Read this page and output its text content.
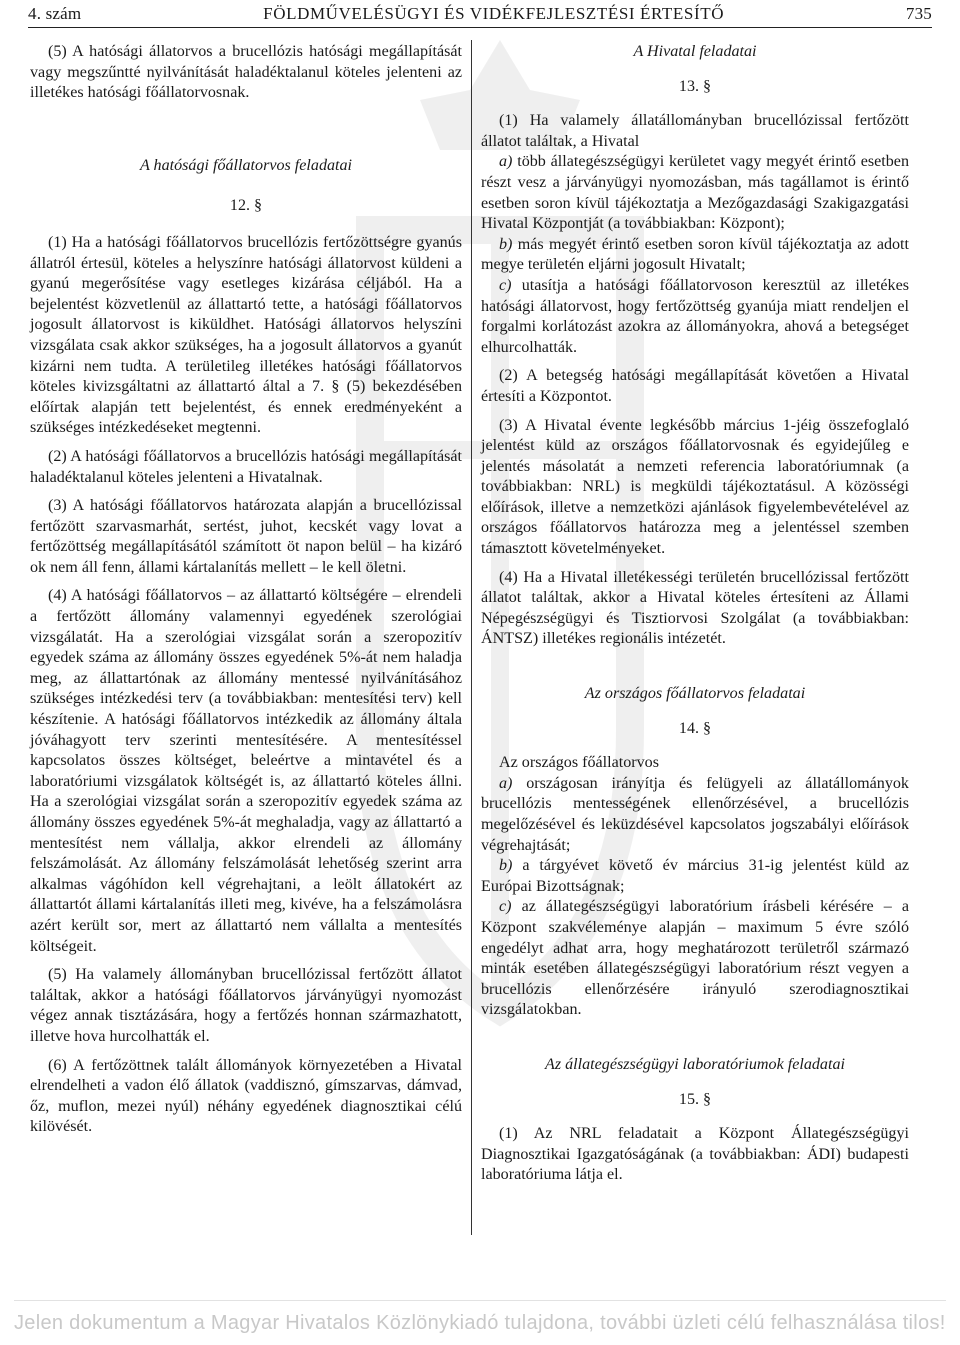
4. szám	FÖLDMŰVELÉSÜGYI ÉS VIDÉKFEJLESZTÉSI ÉRTESÍTŐ	735

(5) A hatósági állatorvos a brucellózis hatósági megállapítását vagy megszűntté nyilvánítását haladéktalanul köteles jelenteni az illetékes hatósági főállatorvosnak.

A hatósági főállatorvos feladatai

12. §

(1) Ha a hatósági főállatorvos brucellózis fertőzöttségre gyanús állatról értesül, köteles a helyszínre hatósági állatorvost küldeni a gyanú megerősítése vagy esetleges kizárása céljából. Ha a bejelentést közvetlenül az állattartó tette, a hatósági főállatorvos jogosult állatorvost is kiküldhet. Hatósági állatorvos helyszíni vizsgálata csak akkor szükséges, ha a jogosult állatorvos a gyanút kizárni nem tudta. A területileg illetékes hatósági főállatorvos köteles kivizsgáltatni az állattartó által a 7. § (5) bekezdésében előírtak alapján tett bejelentést, és ennek eredményeként a szükséges intézkedéseket megtenni.

(2) A hatósági főállatorvos a brucellózis hatósági megállapítását haladéktalanul köteles jelenteni a Hivatalnak.

(3) A hatósági főállatorvos határozata alapján a brucellózissal fertőzött szarvasmarhát, sertést, juhot, kecskét vagy lovat a fertőzöttség megállapításától számított öt napon belül – ha kizáró ok nem áll fenn, állami kártalanítás mellett – le kell öletni.

(4) A hatósági főállatorvos – az állattartó költségére – elrendeli a fertőzött állomány valamennyi egyedének szerológiai vizsgálatát. Ha a szerológiai vizsgálat során a szeropozitív egyedek száma az állomány összes egyedének 5%-át nem haladja meg, az állattartónak az állomány mentessé nyilvánításához szükséges intézkedési terv (a továbbiakban: mentesítési terv) kell készítenie. A hatósági főállatorvos intézkedik az állomány általa jóváhagyott terv szerinti mentesítésére. A mentesítéssel kapcsolatos összes költséget, beleértve a mintavétel és a laboratóriumi vizsgálatok költségét is, az állattartó köteles állni. Ha a szerológiai vizsgálat során a szeropozitív egyedek száma az állomány összes egyedének 5%-át meghaladja, vagy az állattartó a mentesítést nem vállalja, akkor elrendeli az állomány felszámolását. Az állomány felszámolását lehetőség szerint arra alkalmas vágóhídon kell végrehajtani, a leölt állatokért az állattartót állami kártalanítás illeti meg, kivéve, ha a felszámolásra azért került sor, mert az állattartó nem vállalta a mentesítés költségeit.

(5) Ha valamely állományban brucellózissal fertőzött állatot találtak, akkor a hatósági főállatorvos járványügyi nyomozást végez annak tisztázására, hogy a fertőzés honnan származhatott, illetve hova hurcolhatták el.

(6) A fertőzöttnek talált állományok környezetében a Hivatal elrendelheti a vadon élő állatok (vaddisznó, gímszarvas, dámvad, őz, muflon, mezei nyúl) néhány egyedének diagnosztikai célú kilövését.

A Hivatal feladatai

13. §

(1) Ha valamely állatállományban brucellózissal fertőzött állatot találtak, a Hivatal

a) több állategészségügyi kerületet vagy megyét érintő esetben részt vesz a járványügyi nyomozásban, más tagállamot is érintő esetben soron kívül tájékoztatja a Mezőgazdasági Szakigazgatási Hivatal Központját (a továbbiakban: Központ);

b) más megyét érintő esetben soron kívül tájékoztatja az adott megye területén eljárni jogosult Hivatalt;

c) utasítja a hatósági főállatorvoson keresztül az illetékes hatósági állatorvost, hogy fertőzöttség gyanúja miatt rendeljen el forgalmi korlátozást azokra az állományokra, ahová a betegséget elhurcolhatták.

(2) A betegség hatósági megállapítását követően a Hivatal értesíti a Központot.

(3) A Hivatal évente legkésőbb március 1-jéig összefoglaló jelentést küld az országos főállatorvosnak és egyidejűleg e jelentés másolatát a nemzeti referencia laboratóriumnak (a továbbiakban: NRL) is megküldi tájékoztatásul. A közösségi előírások, illetve a nemzetközi ajánlások figyelembevételével az országos főállatorvos határozza meg a jelentéssel szemben támasztott követelményeket.

(4) Ha a Hivatal illetékességi területén brucellózissal fertőzött állatot találtak, akkor a Hivatal köteles értesíteni az Állami Népegészségügyi és Tisztiorvosi Szolgálat (a továbbiakban: ÁNTSZ) illetékes regionális intézetét.

Az országos főállatorvos feladatai

14. §

Az országos főállatorvos

a) országosan irányítja és felügyeli az állatállományok brucellózis mentességének ellenőrzésével, a brucellózis megelőzésével és leküzdésével kapcsolatos jogszabályi előírások végrehajtását;

b) a tárgyévet követő év március 31-ig jelentést küld az Európai Bizottságnak;

c) az állategészségügyi laboratórium írásbeli kérésére – a Központ szakvéleménye alapján – maximum 5 évre szóló engedélyt adhat arra, hogy meghatározott területről származó minták esetében állategészségügyi laboratórium részt vegyen a brucellózis ellenőrzésére irányuló szerodiagnosztikai vizsgálatokban.

Az állategészségügyi laboratóriumok feladatai

15. §

(1) Az NRL feladatait a Központ Állategészségügyi Diagnosztikai Igazgatóságának (a továbbiakban: ÁDI) budapesti laboratóriuma látja el.

Jelen dokumentum a Magyar Hivatalos Közlönykiadó tulajdona, további üzleti célú felhasználása tilos!
